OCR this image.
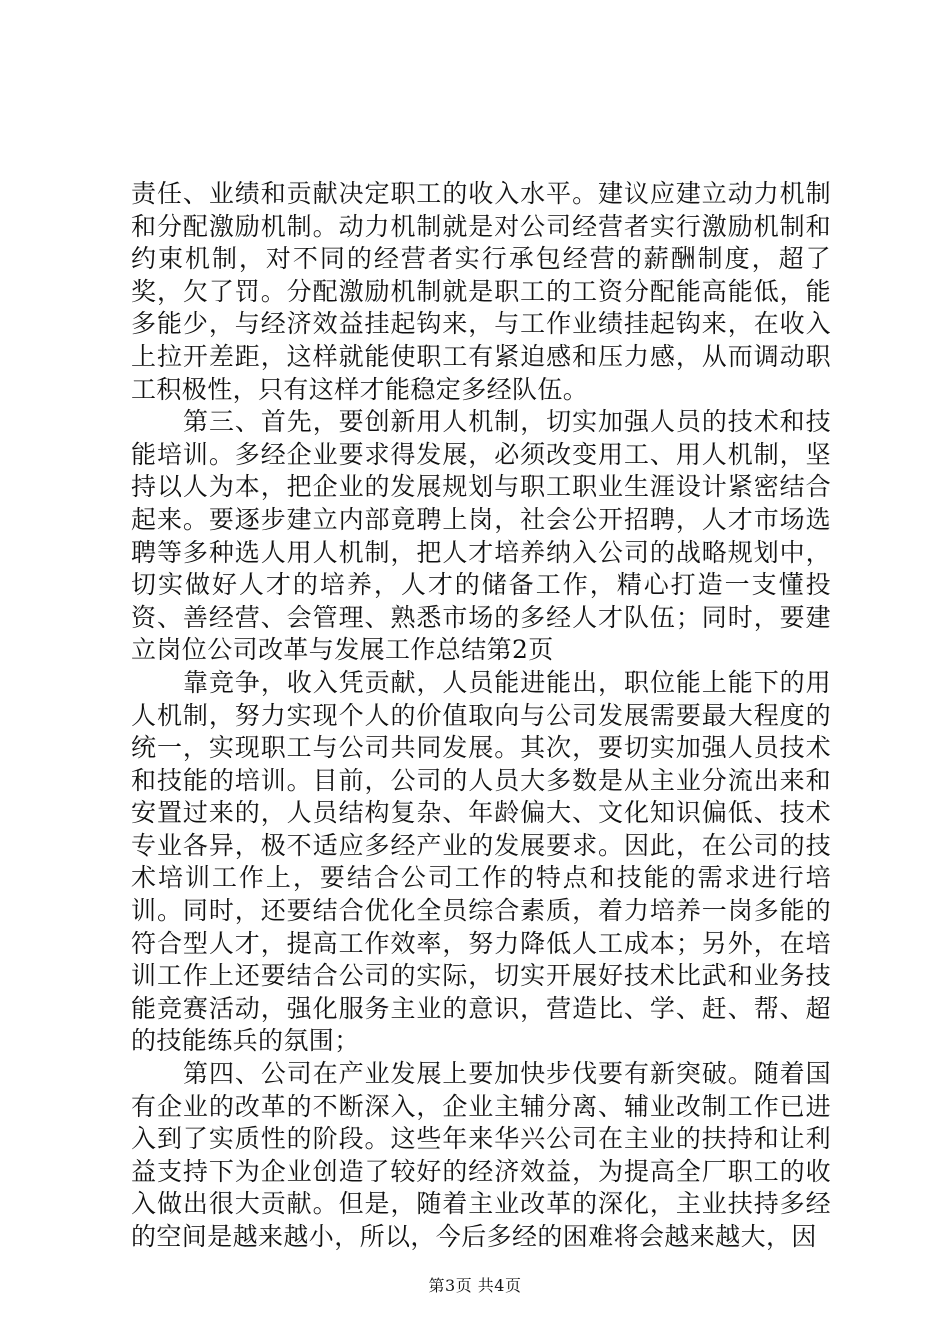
责任、业绩和贡献决定职工的收入水平。建议应建立动力机制和分配激励机制。动力机制就是对公司经营者实行激励机制和约束机制，对不同的经营者实行承包经营的薪酬制度，超了奖，欠了罚。分配激励机制就是职工的工资分配能高能低，能多能少，与经济效益挂起钩来，与工作业绩挂起钩来，在收入上拉开差距，这样就能使职工有紧迫感和压力感，从而调动职工积极性，只有这样才能稳定多经队伍。

第三、首先，要创新用人机制，切实加强人员的技术和技能培训。多经企业要求得发展，必须改变用工、用人机制，坚持以人为本，把企业的发展规划与职工职业生涯设计紧密结合起来。要逐步建立内部竟聘上岗，社会公开招聘，人才市场选聘等多种选人用人机制，把人才培养纳入公司的战略规划中，切实做好人才的培养，人才的储备工作，精心打造一支懂投资、善经营、会管理、熟悉市场的多经人才队伍；同时，要建立岗位公司改革与发展工作总结第2页

靠竞争，收入凭贡献，人员能进能出，职位能上能下的用人机制，努力实现个人的价值取向与公司发展需要最大程度的统一，实现职工与公司共同发展。其次，要切实加强人员技术和技能的培训。目前，公司的人员大多数是从主业分流出来和安置过来的，人员结构复杂、年龄偏大、文化知识偏低、技术专业各异，极不适应多经产业的发展要求。因此，在公司的技术培训工作上，要结合公司工作的特点和技能的需求进行培训。同时，还要结合优化全员综合素质，着力培养一岗多能的符合型人才，提高工作效率，努力降低人工成本；另外，在培训工作上还要结合公司的实际，切实开展好技术比武和业务技能竞赛活动，强化服务主业的意识，营造比、学、赶、帮、超的技能练兵的氛围；

第四、公司在产业发展上要加快步伐要有新突破。随着国有企业的改革的不断深入，企业主辅分离、辅业改制工作已进入到了实质性的阶段。这些年来华兴公司在主业的扶持和让利益支持下为企业创造了较好的经济效益，为提高全厂职工的收入做出很大贡献。但是，随着主业改革的深化，主业扶持多经的空间是越来越小，所以，今后多经的困难将会越来越大，因

第3页 共4页
